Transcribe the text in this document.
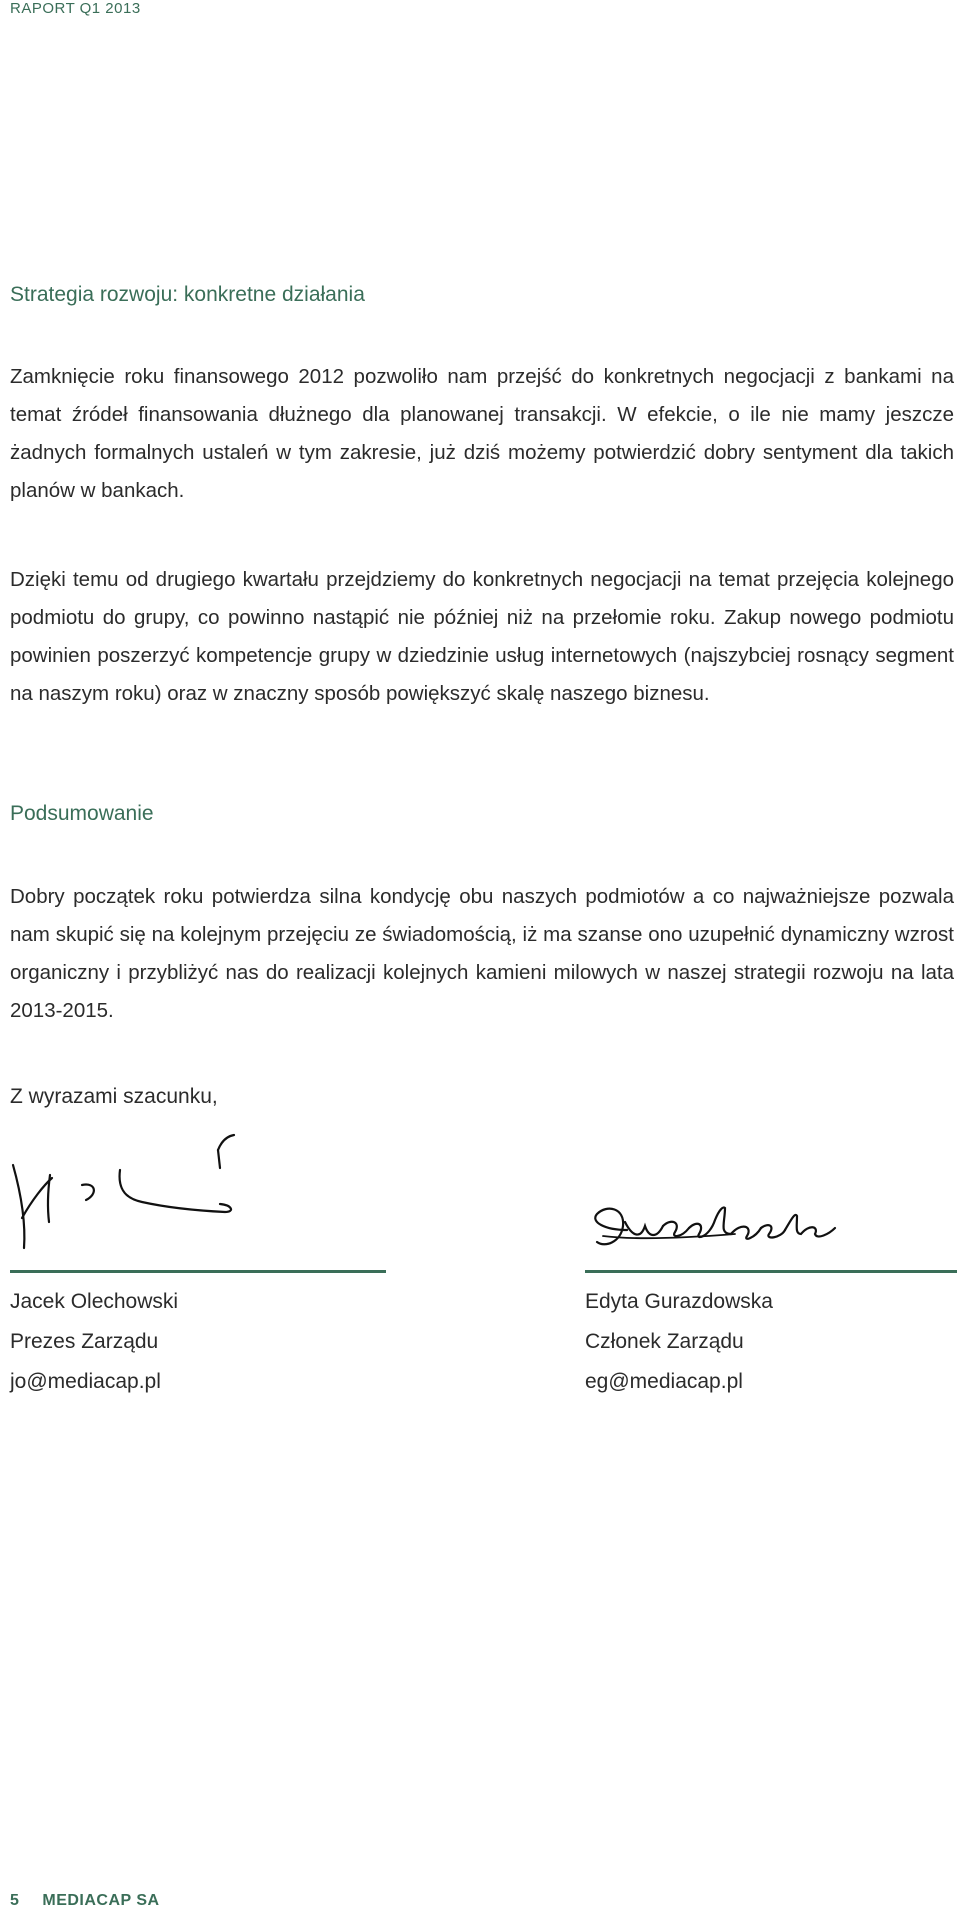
RAPORT Q1 2013
Strategia rozwoju: konkretne działania

Zamknięcie roku finansowego 2012 pozwoliło nam przejść do konkretnych negocjacji z bankami na temat źródeł finansowania dłużnego dla planowanej transakcji. W efekcie, o ile nie mamy jeszcze żadnych formalnych ustaleń w tym zakresie, już dziś możemy potwierdzić dobry sentyment dla takich planów w bankach.

Dzięki temu od drugiego kwartału przejdziemy do konkretnych negocjacji na temat przejęcia kolejnego podmiotu do grupy, co powinno nastąpić nie później niż na przełomie roku. Zakup nowego podmiotu powinien poszerzyć kompetencje grupy w dziedzinie usług internetowych (najszybciej rosnący segment na naszym roku) oraz w znaczny sposób powiększyć skalę naszego biznesu.

Podsumowanie

Dobry początek roku potwierdza silna kondycję obu naszych podmiotów a co najważniejsze pozwala nam skupić się na kolejnym przejęciu ze świadomością, iż ma szanse ono uzupełnić dynamiczny wzrost organiczny i przybliżyć nas do realizacji kolejnych kamieni milowych w naszej strategii rozwoju na lata 2013-2015.

Z wyrazami szacunku,
Jacek Olechowski
Prezes Zarządu
jo@mediacap.pl
Edyta Gurazdowska
Członek Zarządu
eg@mediacap.pl
5 MEDIACAP SA
